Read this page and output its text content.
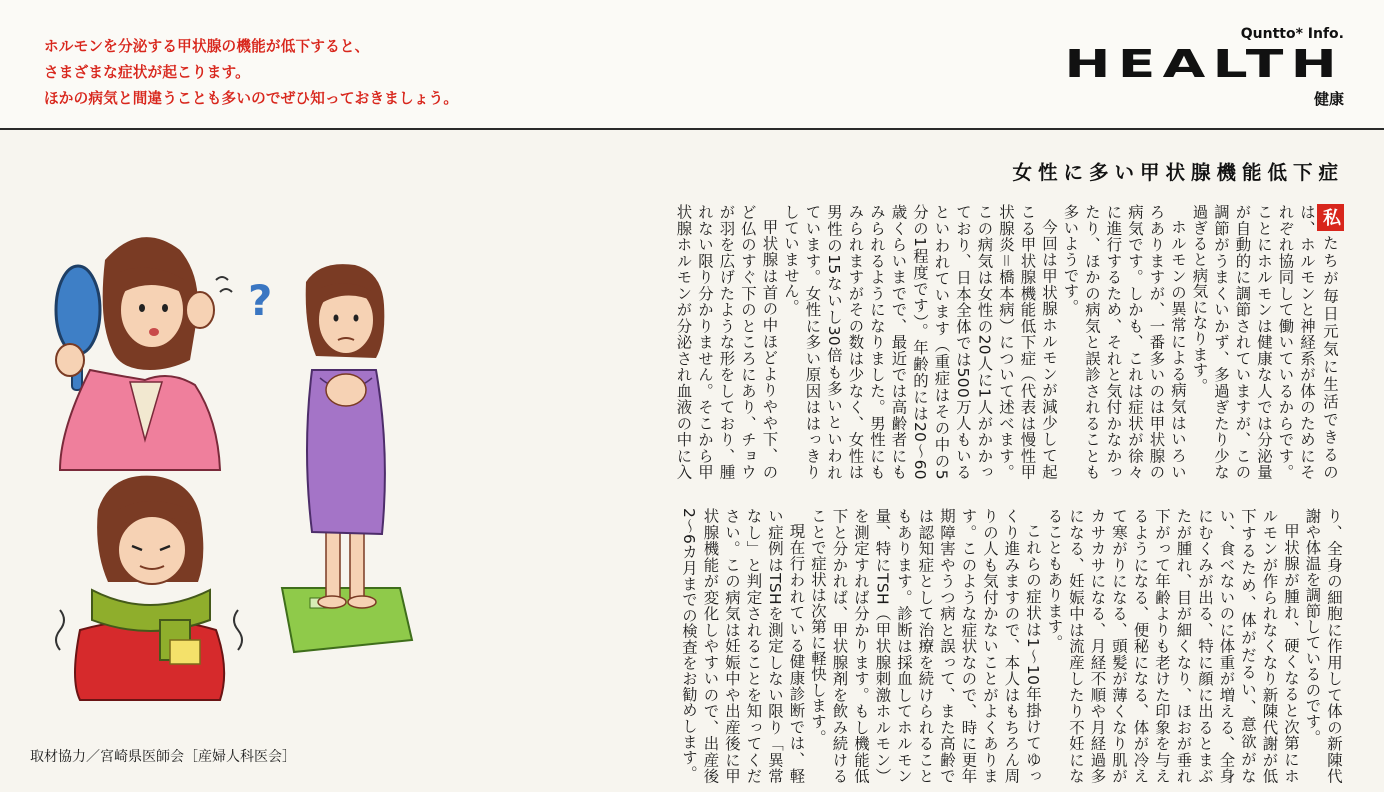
ホルモンを分泌する甲状腺の機能が低下すると、
さまざまな症状が起こります。
ほかの病気と間違うことも多いのでぜひ知っておきましょう。

Quntto* Info.
HEALTH
健康
女性に多い甲状腺機能低下症

私たちが毎日元気に生活できるのは、ホルモンと神経系が体のためにそれぞれ協同して働いているからです。ことにホルモンは健康な人では分泌量が自動的に調節されていますが、この調節がうまくいかず、多過ぎたり少な過ぎると病気になります。

ホルモンの異常による病気はいろいろありますが、一番多いのは甲状腺の病気です。しかも、これは症状が徐々に進行するため、それと気付かなかったり、ほかの病気と誤診されることも多いようです。

今回は甲状腺ホルモンが減少して起こる甲状腺機能低下症（代表は慢性甲状腺炎＝橋本病）について述べます。この病気は女性の20人に1人がかかっており、日本全体では500万人もいるといわれています（重症はその中の5分の1程度です）。年齢的には20〜60歳くらいまでで、最近では高齢者にもみられるようになりました。男性にもみられますがその数は少なく、女性は男性の15ないし30倍も多いといわれています。女性に多い原因ははっきりしていません。

甲状腺は首の中ほどよりやや下、のど仏のすぐ下のところにあり、チョウが羽を広げたような形をしており、腫れない限り分かりません。そこから甲状腺ホルモンが分泌され血液の中に入り、全身の細胞に作用して体の新陳代謝や体温を調節しているのです。

甲状腺が腫れ、硬くなると次第にホルモンが作られなくなり新陳代謝が低下するため、体がだるい、意欲がない、食べないのに体重が増える、全身にむくみが出る、特に顔に出るとまぶたが腫れ、目が細くなり、ほおが垂れ下がって年齢よりも老けた印象を与えるようになる、便秘になる、体が冷えて寒がりになる、頭髪が薄くなり肌がカサカサになる、月経不順や月経過多になる、妊娠中は流産したり不妊になることもあります。

これらの症状は1〜10年掛けてゆっくり進みますので、本人はもちろん周りの人も気付かないことがよくあります。このような症状なので、時に更年期障害やうつ病と誤って、また高齢では認知症として治療を続けられることもあります。診断は採血してホルモン量、特にTSH（甲状腺刺激ホルモン）を測定すれば分かります。もし機能低下と分かれば、甲状腺剤を飲み続けることで症状は次第に軽快します。

現在行われている健康診断では、軽い症例はTSHを測定しない限り「異常なし」と判定されることを知ってください。この病気は妊娠中や出産後に甲状腺機能が変化しやすいので、出産後2〜6カ月までの検査をお勧めします。

?
取材協力／宮崎県医師会［産婦人科医会］
